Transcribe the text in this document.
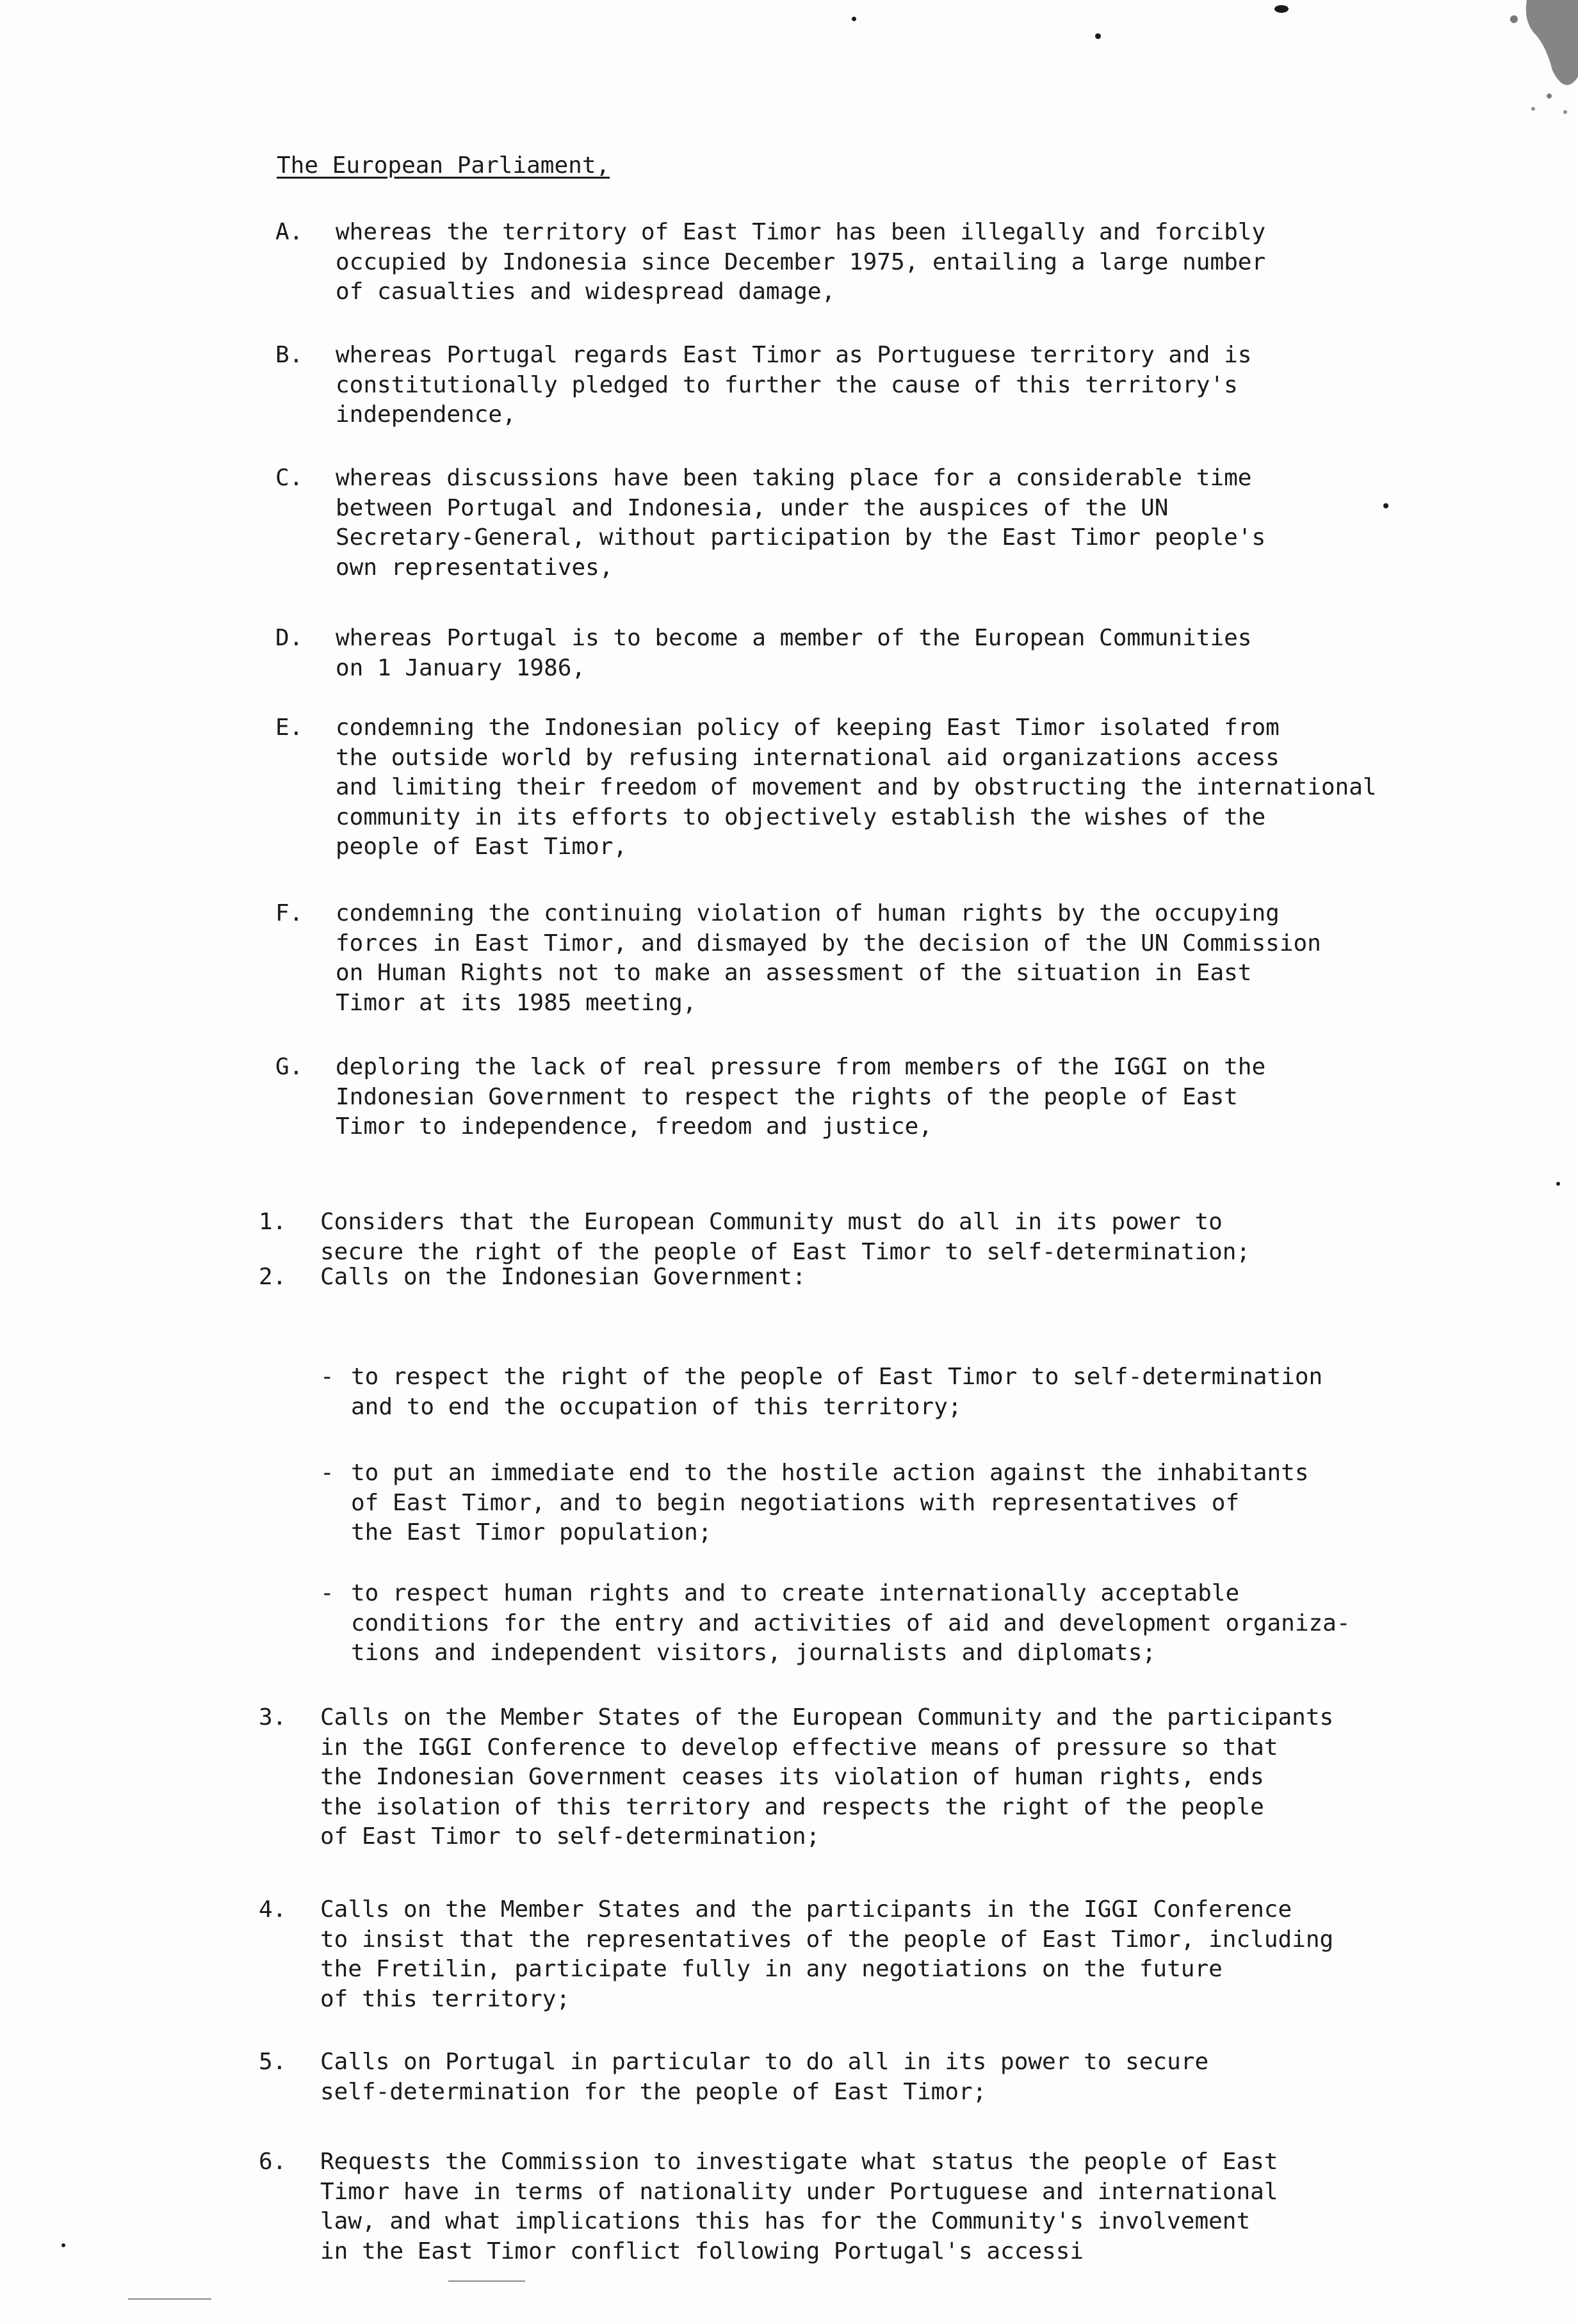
The European Parliament,
A. whereas the territory of East Timor has been illegally and forcibly
occupied by Indonesia since December 1975, entailing a large number
of casualties and widespread damage,
B. whereas Portugal regards East Timor as Portuguese territory and is
constitutionally pledged to further the cause of this territory's
independence,
C. whereas discussions have been taking place for a considerable time
between Portugal and Indonesia, under the auspices of the UN
Secretary-General, without participation by the East Timor people's
own representatives,
D. whereas Portugal is to become a member of the European Communities
on 1 January 1986,
E. condemning the Indonesian policy of keeping East Timor isolated from
the outside world by refusing international aid organizations access
and limiting their freedom of movement and by obstructing the international
community in its efforts to objectively establish the wishes of the
people of East Timor,
F. condemning the continuing violation of human rights by the occupying
forces in East Timor, and dismayed by the decision of the UN Commission
on Human Rights not to make an assessment of the situation in East
Timor at its 1985 meeting,
G. deploring the lack of real pressure from members of the IGGI on the
Indonesian Government to respect the rights of the people of East
Timor to independence, freedom and justice,
1. Considers that the European Community must do all in its power to
secure the right of the people of East Timor to self-determination;
2. Calls on the Indonesian Government:
- to respect the right of the people of East Timor to self-determination
and to end the occupation of this territory;
- to put an immediate end to the hostile action against the inhabitants
of East Timor, and to begin negotiations with representatives of
the East Timor population;
- to respect human rights and to create internationally acceptable
conditions for the entry and activities of aid and development organiza-
tions and independent visitors, journalists and diplomats;
3. Calls on the Member States of the European Community and the participants
in the IGGI Conference to develop effective means of pressure so that
the Indonesian Government ceases its violation of human rights, ends
the isolation of this territory and respects the right of the people
of East Timor to self-determination;
4. Calls on the Member States and the participants in the IGGI Conference
to insist that the representatives of the people of East Timor, including
the Fretilin, participate fully in any negotiations on the future
of this territory;
5. Calls on Portugal in particular to do all in its power to secure
self-determination for the people of East Timor;
6. Requests the Commission to investigate what status the people of East
Timor have in terms of nationality under Portuguese and international
law, and what implications this has for the Community's involvement
in the East Timor conflict following Portugal's accessi
